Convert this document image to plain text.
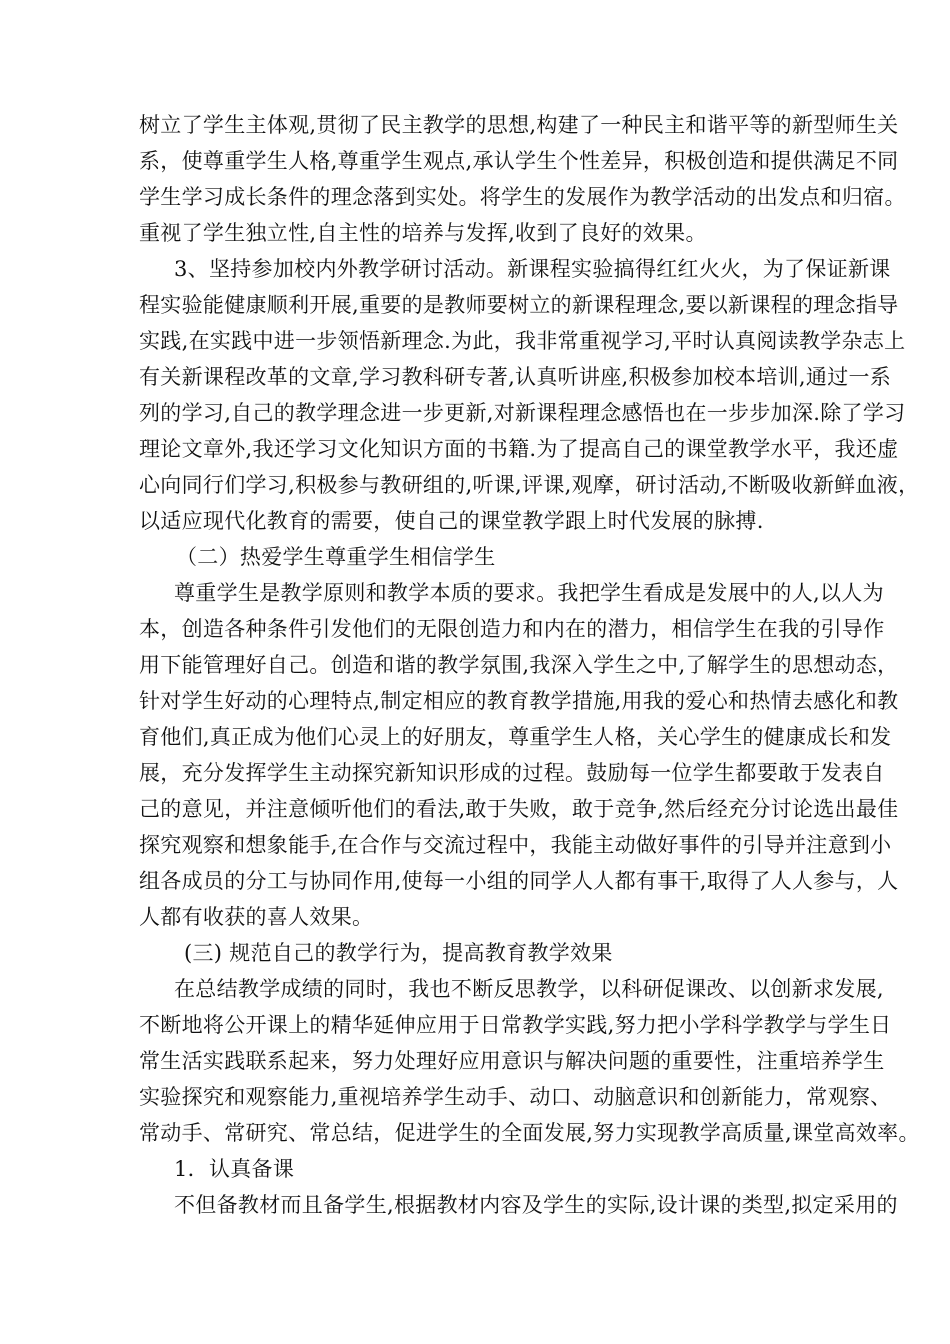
树立了学生主体观,贯彻了民主教学的思想,构建了一种民主和谐平等的新型师生关
系，使尊重学生人格,尊重学生观点,承认学生个性差异，积极创造和提供满足不同
学生学习成长条件的理念落到实处。将学生的发展作为教学活动的出发点和归宿。
重视了学生独立性,自主性的培养与发挥,收到了良好的效果。
3、坚持参加校内外教学研讨活动。新课程实验搞得红红火火，为了保证新课
程实验能健康顺利开展,重要的是教师要树立的新课程理念,要以新课程的理念指导
实践,在实践中进一步领悟新理念.为此，我非常重视学习,平时认真阅读教学杂志上
有关新课程改革的文章,学习教科研专著,认真听讲座,积极参加校本培训,通过一系
列的学习,自己的教学理念进一步更新,对新课程理念感悟也在一步步加深.除了学习
理论文章外,我还学习文化知识方面的书籍.为了提高自己的课堂教学水平，我还虚
心向同行们学习,积极参与教研组的,听课,评课,观摩，研讨活动,不断吸收新鲜血液，
以适应现代化教育的需要，使自己的课堂教学跟上时代发展的脉搏.
（二）热爱学生尊重学生相信学生
尊重学生是教学原则和教学本质的要求。我把学生看成是发展中的人,以人为
本，创造各种条件引发他们的无限创造力和内在的潜力，相信学生在我的引导作
用下能管理好自己。创造和谐的教学氛围,我深入学生之中,了解学生的思想动态，
针对学生好动的心理特点,制定相应的教育教学措施,用我的爱心和热情去感化和教
育他们,真正成为他们心灵上的好朋友，尊重学生人格，关心学生的健康成长和发
展，充分发挥学生主动探究新知识形成的过程。鼓励每一位学生都要敢于发表自
己的意见，并注意倾听他们的看法,敢于失败，敢于竞争,然后经充分讨论选出最佳
探究观察和想象能手,在合作与交流过程中，我能主动做好事件的引导并注意到小
组各成员的分工与协同作用,使每一小组的同学人人都有事干,取得了人人参与，人
人都有收获的喜人效果。
(三) 规范自己的教学行为，提高教育教学效果
在总结教学成绩的同时，我也不断反思教学，以科研促课改、以创新求发展,
不断地将公开课上的精华延伸应用于日常教学实践,努力把小学科学教学与学生日
常生活实践联系起来，努力处理好应用意识与解决问题的重要性，注重培养学生
实验探究和观察能力,重视培养学生动手、动口、动脑意识和创新能力，常观察、
常动手、常研究、常总结，促进学生的全面发展,努力实现教学高质量,课堂高效率。
1．认真备课
不但备教材而且备学生,根据教材内容及学生的实际,设计课的类型,拟定采用的
